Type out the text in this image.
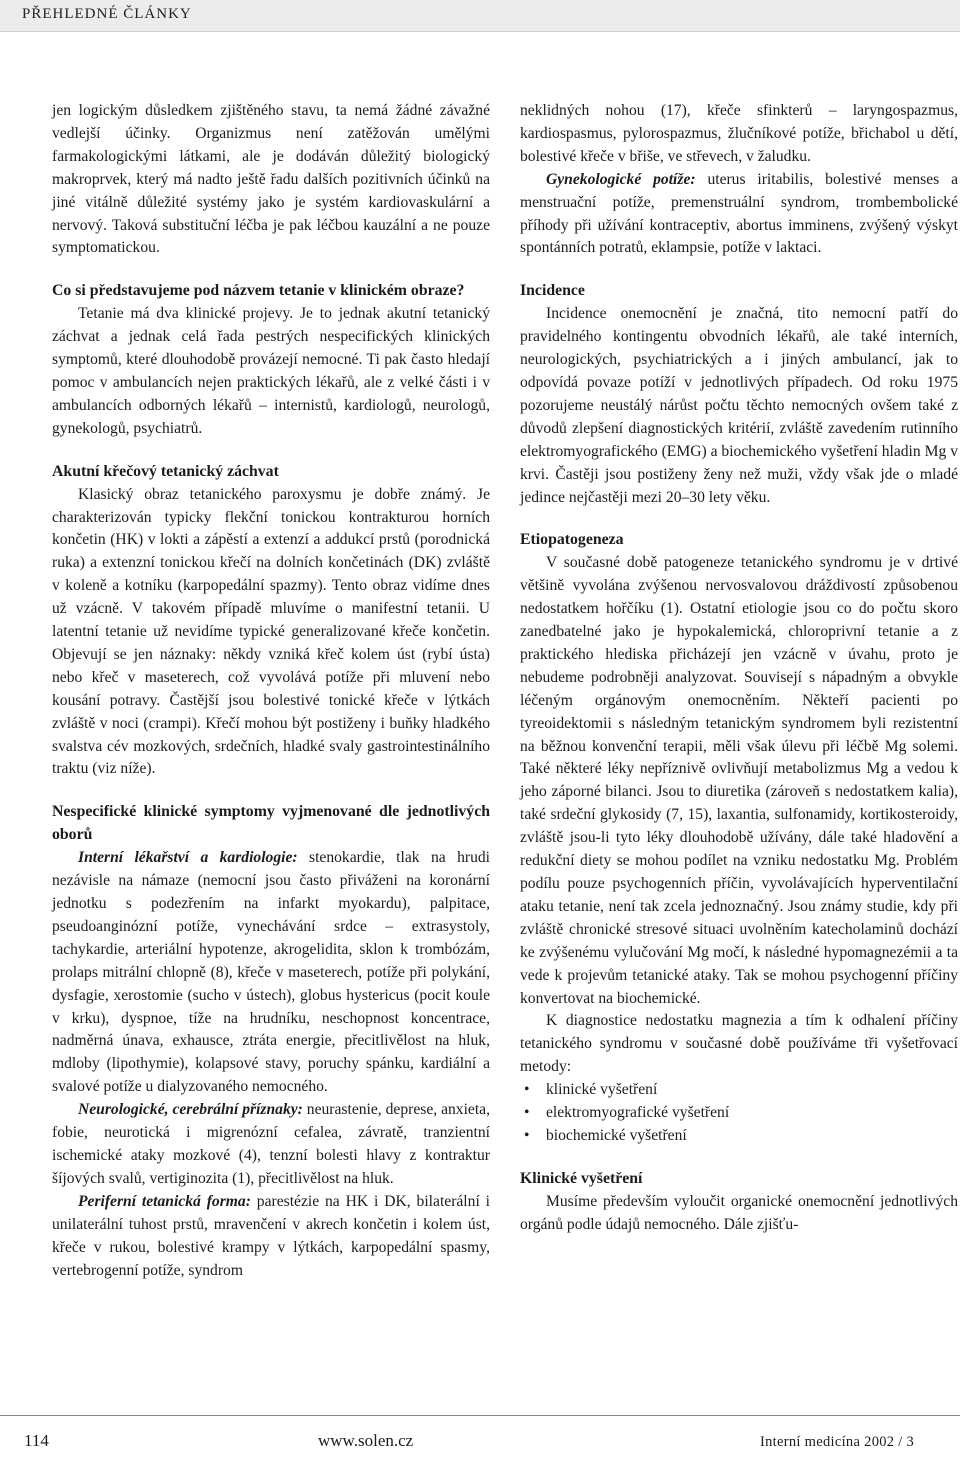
PŘEHLEDNÉ ČLÁNKY

jen logickým důsledkem zjištěného stavu, ta nemá žádné závažné vedlejší účinky. Organizmus není zatěžován umělými farmakologickými látkami, ale je dodáván důležitý biologický makroprvek, který má nadto ještě řadu dalších pozitivních účinků na jiné vitálně důležité systémy jako je systém kardiovaskulární a nervový. Taková substituční léčba je pak léčbou kauzální a ne pouze symptomatickou.

Co si představujeme pod názvem tetanie v klinickém obraze?

Tetanie má dva klinické projevy. Je to jednak akutní tetanický záchvat a jednak celá řada pestrých nespecifických klinických symptomů, které dlouhodobě provázejí nemocné. Ti pak často hledají pomoc v ambulancích nejen praktických lékařů, ale z velké části i v ambulancích odborných lékařů – internistů, kardiologů, neurologů, gynekologů, psychiatrů.

Akutní křečový tetanický záchvat

Klasický obraz tetanického paroxysmu je dobře známý. Je charakterizován typicky flekční tonickou kontrakturou horních končetin (HK) v lokti a zápěstí a extenzí a addukcí prstů (porodnická ruka) a extenzní tonickou křečí na dolních končetinách (DK) zvláště v koleně a kotníku (karpopedální spazmy). Tento obraz vidíme dnes už vzácně. V takovém případě mluvíme o manifestní tetanii. U latentní tetanie už nevidíme typické generalizované křeče končetin. Objevují se jen náznaky: někdy vzniká křeč kolem úst (rybí ústa) nebo křeč v maseterech, což vyvolává potíže při mluvení nebo kousání potravy. Častější jsou bolestivé tonické křeče v lýtkách zvláště v noci (crampi). Křečí mohou být postiženy i buňky hladkého svalstva cév mozkových, srdečních, hladké svaly gastrointestinálního traktu (viz níže).

Nespecifické klinické symptomy vyjmenované dle jednotlivých oborů

Interní lékařství a kardiologie: stenokardie, tlak na hrudi nezávisle na námaze (nemocní jsou často přiváženi na koronární jednotku s podezřením na infarkt myokardu), palpitace, pseudoanginózní potíže, vynechávání srdce – extrasystoly, tachykardie, arteriální hypotenze, akrogelidita, sklon k trombózám, prolaps mitrální chlopně (8), křeče v maseterech, potíže při polykání, dysfagie, xerostomie (sucho v ústech), globus hystericus (pocit koule v krku), dyspnoe, tíže na hrudníku, neschopnost koncentrace, nadměrná únava, exhausce, ztráta energie, přecitlivělost na hluk, mdloby (lipothymie), kolapsové stavy, poruchy spánku, kardiální a svalové potíže u dialyzovaného nemocného.

Neurologické, cerebrální příznaky: neurastenie, deprese, anxieta, fobie, neurotická i migrenózní cefalea, závratě, tranzientní ischemické ataky mozkové (4), tenzní bolesti hlavy z kontraktur šíjových svalů, vertiginozita (1), přecitlivělost na hluk.

Periferní tetanická forma: parestézie na HK i DK, bilaterální i unilaterální tuhost prstů, mravenčení v akrech končetin i kolem úst, křeče v rukou, bolestivé krampy v lýtkách, karpopedální spasmy, vertebrogenní potíže, syndrom

neklidných nohou (17), křeče sfinkterů – laryngospazmus, kardiospasmus, pylorospazmus, žlučníkové potíže, břichabol u dětí, bolestivé křeče v břiše, ve střevech, v žaludku.

Gynekologické potíže: uterus iritabilis, bolestivé menses a menstruační potíže, premenstruální syndrom, trombembolické příhody při užívání kontraceptiv, abortus imminens, zvýšený výskyt spontánních potratů, eklampsie, potíže v laktaci.

Incidence

Incidence onemocnění je značná, tito nemocní patří do pravidelného kontingentu obvodních lékařů, ale také interních, neurologických, psychiatrických a i jiných ambulancí, jak to odpovídá povaze potíží v jednotlivých případech. Od roku 1975 pozorujeme neustálý nárůst počtu těchto nemocných ovšem také z důvodů zlepšení diagnostických kritérií, zvláště zavedením rutinního elektromyografického (EMG) a biochemického vyšetření hladin Mg v krvi. Častěji jsou postiženy ženy než muži, vždy však jde o mladé jedince nejčastěji mezi 20–30 lety věku.

Etiopatogeneza

V současné době patogeneze tetanického syndromu je v drtivé většině vyvolána zvýšenou nervosvalovou dráždivostí způsobenou nedostatkem hořčíku (1). Ostatní etiologie jsou co do počtu skoro zanedbatelné jako je hypokalemická, chloroprivní tetanie a z praktického hlediska přicházejí jen vzácně v úvahu, proto je nebudeme podrobněji analyzovat. Souvisejí s nápadným a obvykle léčeným orgánovým onemocněním. Někteří pacienti po tyreoidektomii s následným tetanickým syndromem byli rezistentní na běžnou konvenční terapii, měli však úlevu při léčbě Mg solemi. Také některé léky nepříznivě ovlivňují metabolizmus Mg a vedou k jeho záporné bilanci. Jsou to diuretika (zároveň s nedostatkem kalia), také srdeční glykosidy (7, 15), laxantia, sulfonamidy, kortikosteroidy, zvláště jsou-li tyto léky dlouhodobě užívány, dále také hladovění a redukční diety se mohou podílet na vzniku nedostatku Mg. Problém podílu pouze psychogenních příčin, vyvolávajících hyperventilační ataku tetanie, není tak zcela jednoznačný. Jsou známy studie, kdy při zvláště chronické stresové situaci uvolněním katecholaminů dochází ke zvýšenému vylučování Mg močí, k následné hypomagnezémii a ta vede k projevům tetanické ataky. Tak se mohou psychogenní příčiny konvertovat na biochemické.

K diagnostice nedostatku magnezia a tím k odhalení příčiny tetanického syndromu v současné době používáme tři vyšetřovací metody:

• klinické vyšetření
• elektromyografické vyšetření
• biochemické vyšetření
Klinické vyšetření

Musíme především vyloučit organické onemocnění jednotlivých orgánů podle údajů nemocného. Dále zjišťu-

114	www.solen.cz	Interní medicína 2002 / 3
